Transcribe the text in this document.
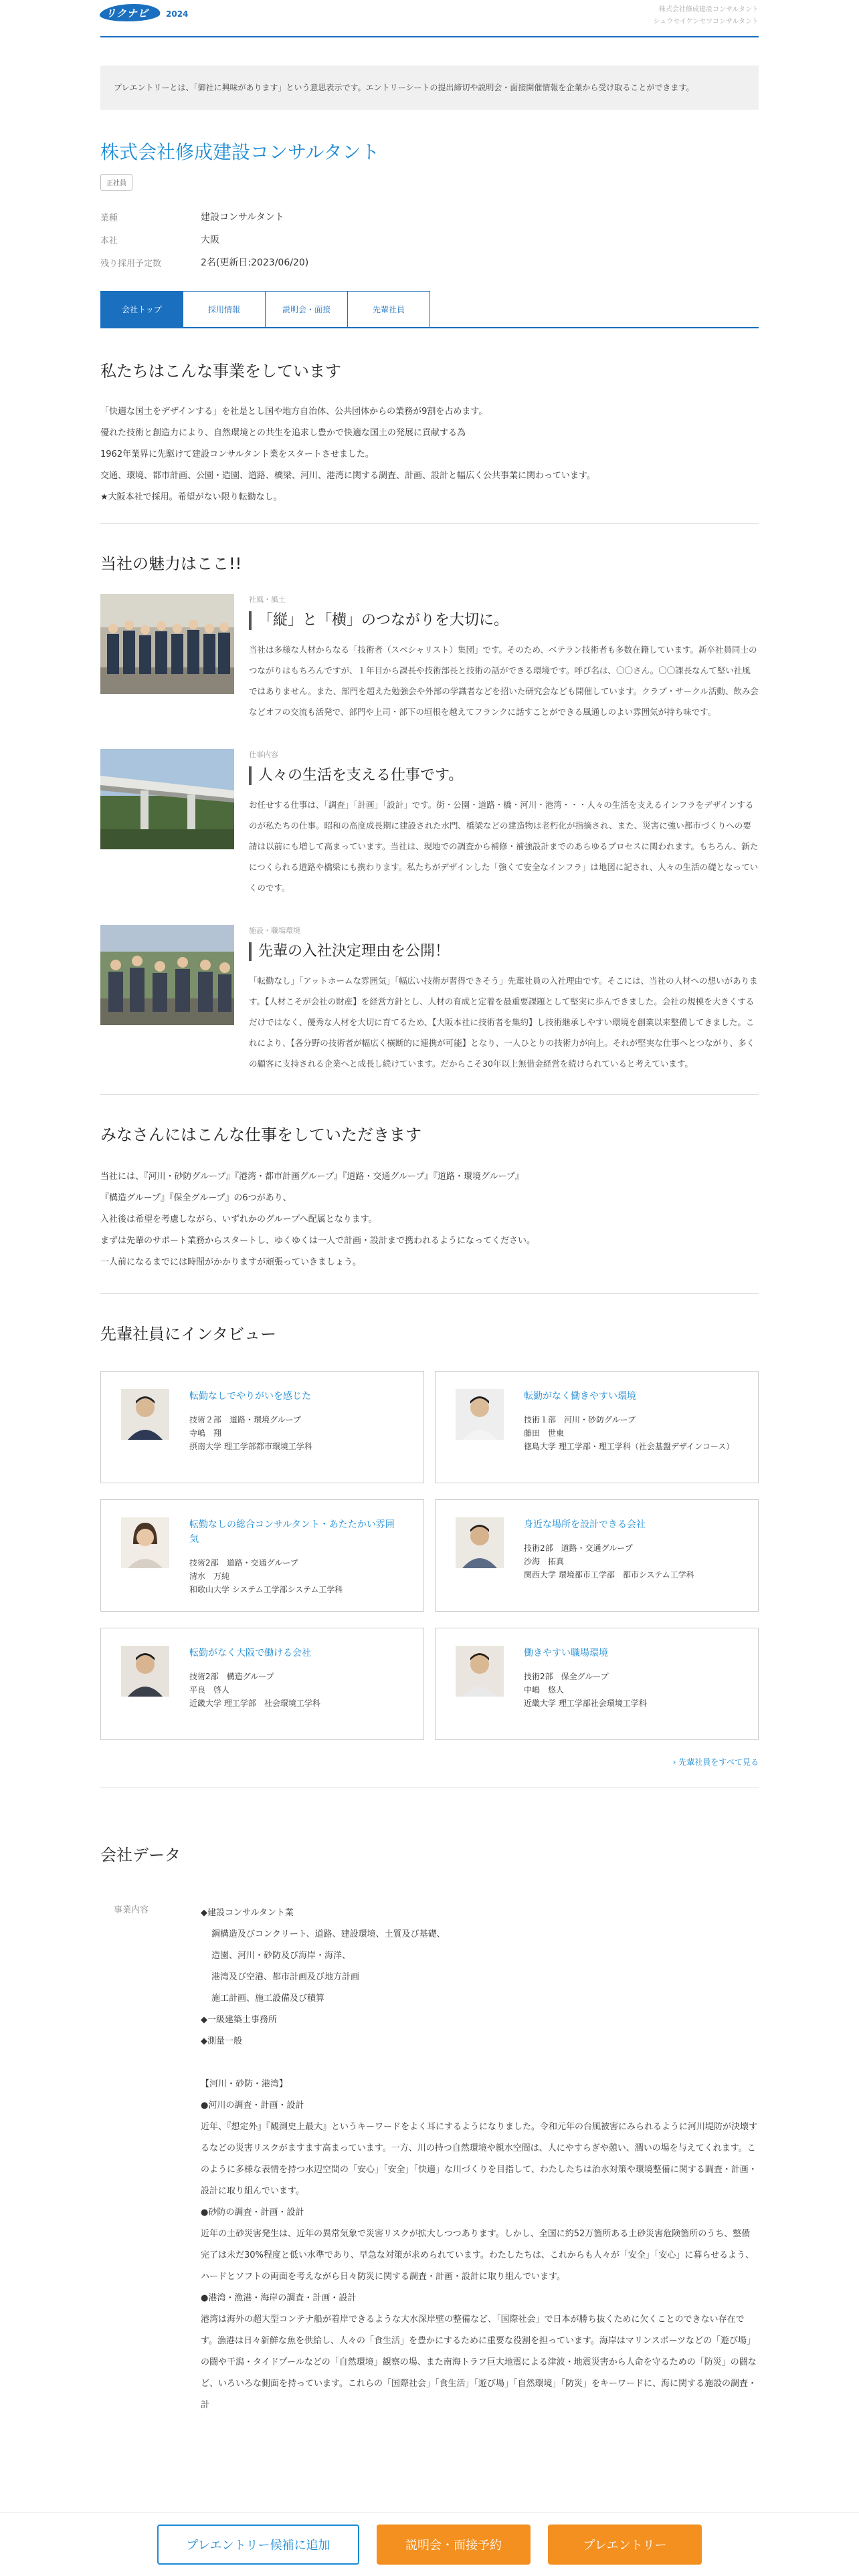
リクナビ 2024	株式会社修成建設コンサルタント
シュウセイケンセツコンサルタント
プレエントリーとは、「御社に興味があります」という意思表示です。エントリーシートの提出締切や説明会・面接開催情報を企業から受け取ることができます。
株式会社修成建設コンサルタント
正社員
業種	建設コンサルタント
本社	大阪
残り採用予定数	2名(更新日:2023/06/20)
会社トップ	採用情報	説明会・面接	先輩社員
私たちはこんな事業をしています
「快適な国土をデザインする」を社是とし国や地方自治体、公共団体からの業務が9割を占めます。
優れた技術と創造力により、自然環境との共生を追求し豊かで快適な国土の発展に貢献する為
1962年業界に先駆けて建設コンサルタント業をスタートさせました。
交通、環境、都市計画、公園・造園、道路、橋梁、河川、港湾に関する調査、計画、設計と幅広く公共事業に関わっています。
★大阪本社で採用。希望がない限り転勤なし。
当社の魅力はここ!!
社風・風土
「縦」と「横」のつながりを大切に。
当社は多様な人材からなる「技術者（スペシャリスト）集団」です。そのため、ベテラン技術者も多数在籍しています。新卒社員同士のつながりはもちろんですが、１年目から課長や技術部長と技術の話ができる環境です。呼び名は、〇〇さん。〇〇課長なんて堅い社風ではありません。また、部門を超えた勉強会や外部の学識者などを招いた研究会なども開催しています。クラブ・サークル活動、飲み会などオフの交流も活発で、部門や上司・部下の垣根を越えてフランクに話すことができる風通しのよい雰囲気が持ち味です。
仕事内容
人々の生活を支える仕事です。
お任せする仕事は、「調査」「計画」「設計」です。街・公園・道路・橋・河川・港湾・・・人々の生活を支えるインフラをデザインするのが私たちの仕事。昭和の高度成長期に建設された水門、橋梁などの建造物は老朽化が指摘され、また、災害に強い都市づくりへの要請は以前にも増して高まっています。当社は、現地での調査から補修・補強設計までのあらゆるプロセスに関われます。もちろん、新たにつくられる道路や橋梁にも携わります。私たちがデザインした「強くて安全なインフラ」は地図に記され、人々の生活の礎となっていくのです。
施設・職場環境
先輩の入社決定理由を公開！
「転勤なし」「アットホームな雰囲気」「幅広い技術が習得できそう」先輩社員の入社理由です。そこには、当社の人材への想いがあります。【人材こそが会社の財産】を経営方針とし、人材の育成と定着を最重要課題として堅実に歩んできました。会社の規模を大きくするだけではなく、優秀な人材を大切に育てるため、【大阪本社に技術者を集約】し技術継承しやすい環境を創業以来整備してきました。これにより、【各分野の技術者が幅広く横断的に連携が可能】となり、一人ひとりの技術力が向上。それが堅実な仕事へとつながり、多くの顧客に支持される企業へと成長し続けています。だからこそ30年以上無借金経営を続けられていると考えています。
みなさんにはこんな仕事をしていただきます
当社には、『河川・砂防グループ』『港湾・都市計画グループ』『道路・交通グループ』『道路・環境グループ』
『構造グループ』『保全グループ』の6つがあり、
入社後は希望を考慮しながら、いずれかのグループへ配属となります。
まずは先輩のサポート業務からスタートし、ゆくゆくは一人で計画・設計まで携われるようになってください。
一人前になるまでには時間がかかりますが頑張っていきましょう。
先輩社員にインタビュー
転勤なしでやりがいを感じた
技術２部　道路・環境グループ
寺嶋　翔
摂南大学 理工学部都市環境工学科
転勤がなく働きやすい環境
技術１部　河川・砂防グループ
藤田　世東
徳島大学 理工学部・理工学科（社会基盤デザインコース）
転勤なしの総合コンサルタント・あたたかい雰囲気
技術2部　道路・交通グループ
清水　万純
和歌山大学 システム工学部システム工学科
身近な場所を設計できる会社
技術2部　道路・交通グループ
沙海　拓真
関西大学 環境都市工学部　都市システム工学科
転勤がなく大阪で働ける会社
技術2部　構造グループ
平良　啓人
近畿大学 理工学部　社会環境工学科
働きやすい職場環境
技術2部　保全グループ
中嶋　悠人
近畿大学 理工学部社会環境工学科
› 先輩社員をすべて見る
会社データ
事業内容	◆建設コンサルタント業
鋼構造及びコンクリート、道路、建設環境、土質及び基礎、
造園、河川・砂防及び海岸・海洋、
港湾及び空港、都市計画及び地方計画
施工計画、施工設備及び積算
◆一級建築士事務所
◆測量一般
【河川・砂防・港湾】
●河川の調査・計画・設計
近年、『想定外』『観測史上最大』というキーワードをよく耳にするようになりました。令和元年の台風被害にみられるように河川堤防が決壊するなどの災害リスクがますます高まっています。一方、川の持つ自然環境や親水空間は、人にやすらぎや憩い、潤いの場を与えてくれます。このように多様な表情を持つ水辺空間の「安心」「安全」「快適」な川づくりを目指して、わたしたちは治水対策や環境整備に関する調査・計画・設計に取り組んでいます。
●砂防の調査・計画・設計
近年の土砂災害発生は、近年の異常気象で災害リスクが拡大しつつあります。しかし、全国に約52万箇所ある土砂災害危険箇所のうち、整備完了は未だ30%程度と低い水準であり、早急な対策が求められています。わたしたちは、これからも人々が「安全」「安心」に暮らせるよう、ハードとソフトの両面を考えながら日々防災に関する調査・計画・設計に取り組んでいます。
●港湾・漁港・海岸の調査・計画・設計
港湾は海外の超大型コンテナ船が着岸できるような大水深岸壁の整備など、「国際社会」で日本が勝ち抜くために欠くことのできない存在です。漁港は日々新鮮な魚を供給し、人々の「食生活」を豊かにするために重要な役割を担っています。海岸はマリンスポーツなどの「遊び場」の闘や干潟・タイドプールなどの「自然環境」観察の場、また南海トラフ巨大地震による津波・地震災害から人命を守るための「防災」の闘など、いろいろな側面を持っています。これらの「国際社会」「食生活」「遊び場」「自然環境」「防災」をキーワードに、海に関する施設の調査・計
プレエントリー候補に追加	説明会・面接予約	プレエントリー
